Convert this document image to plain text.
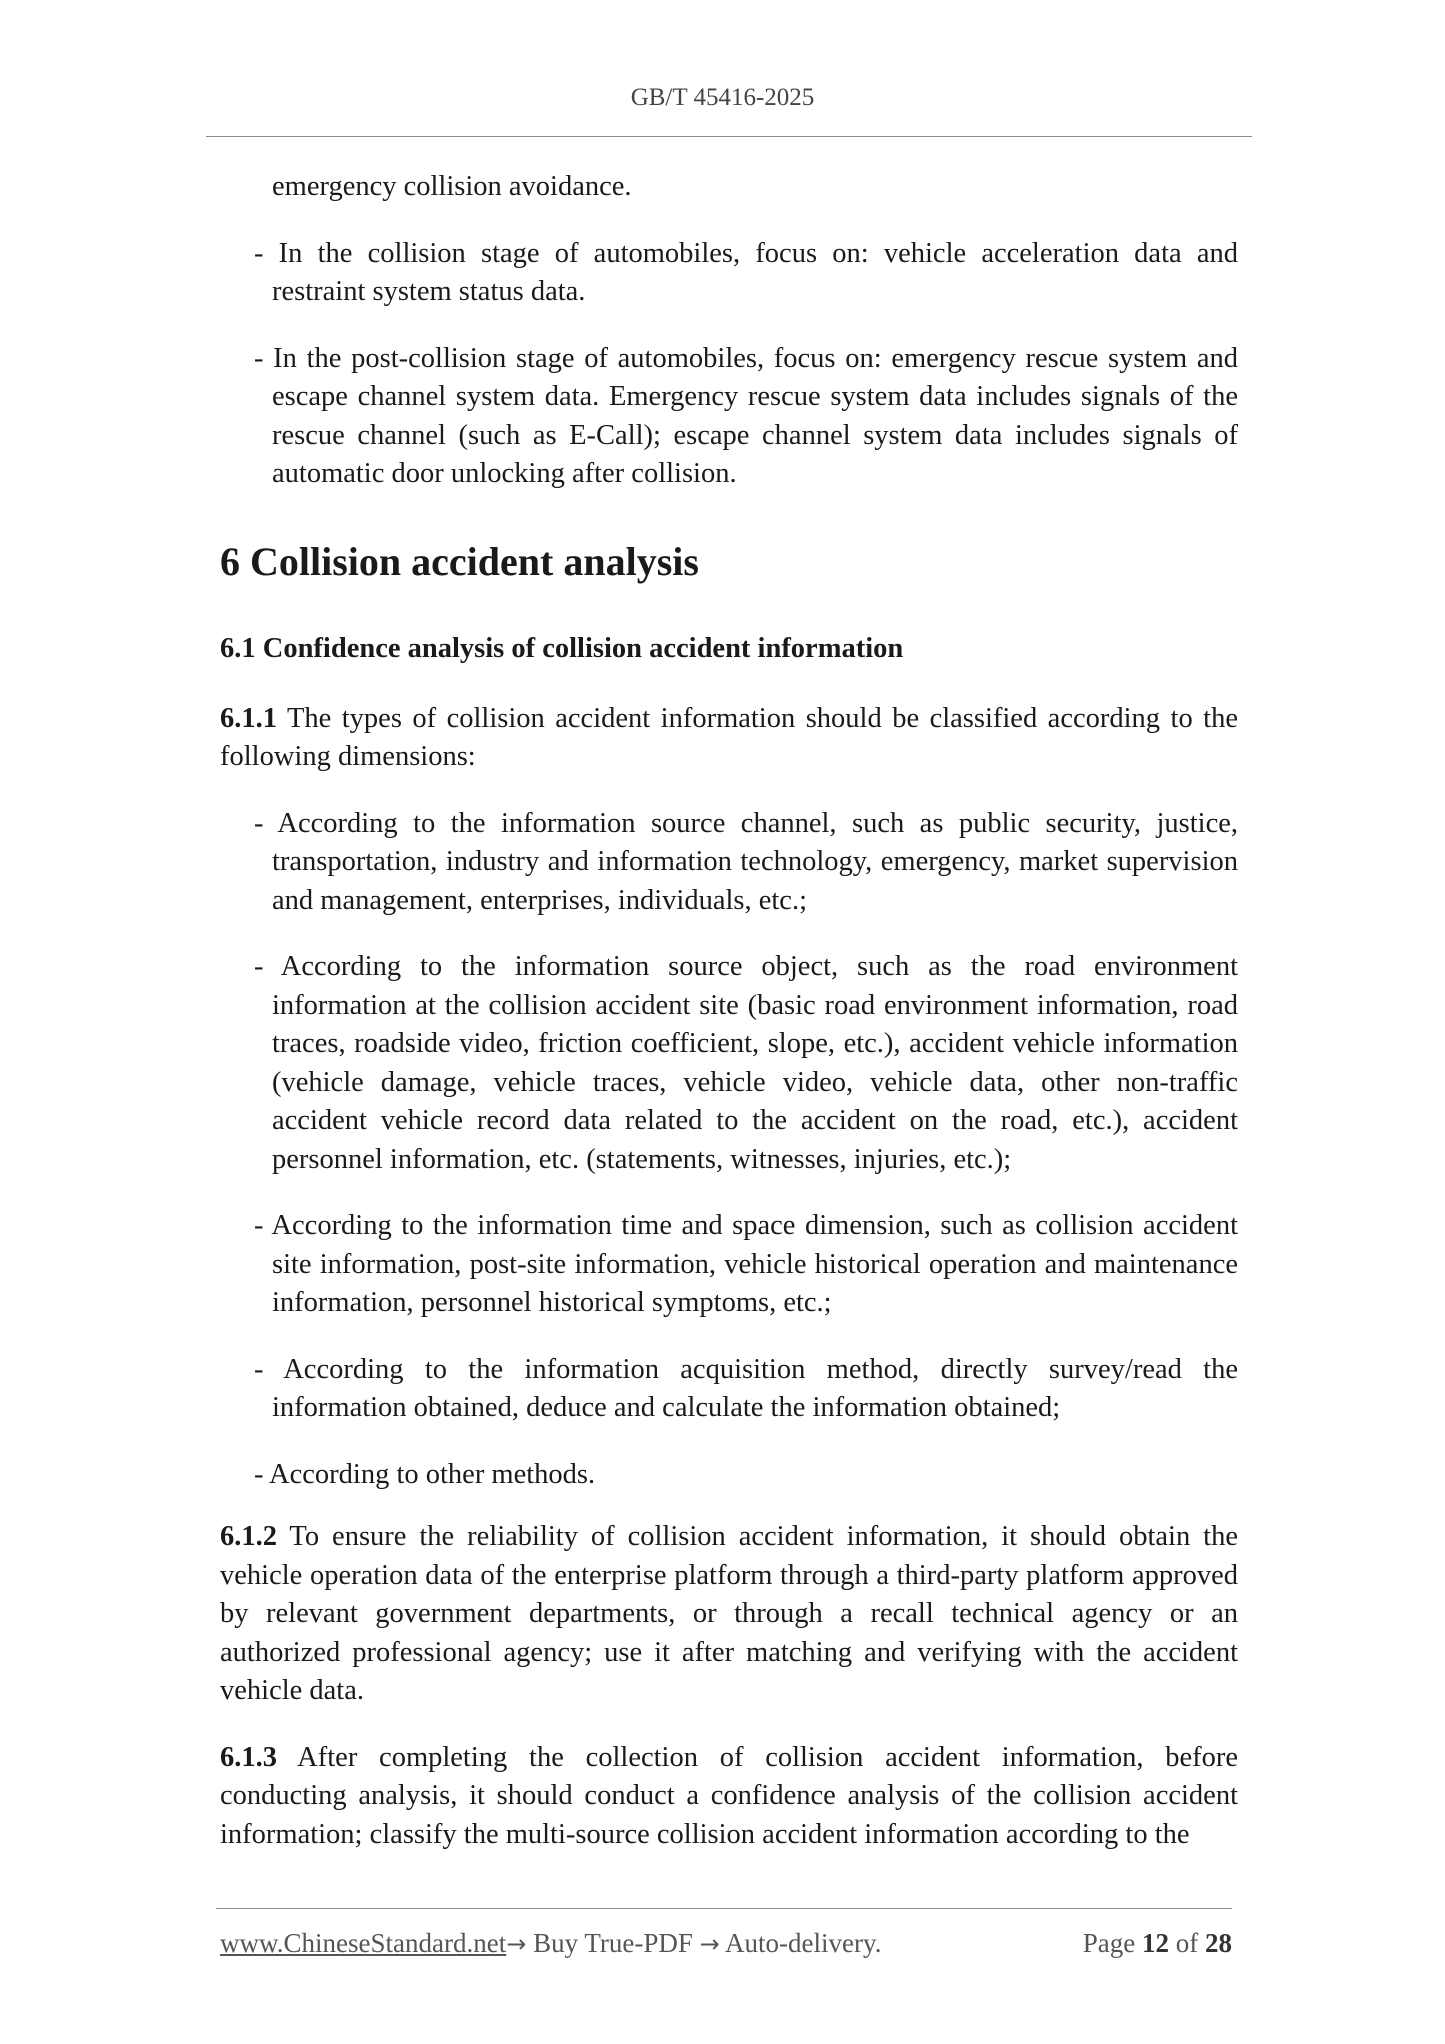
GB/T 45416-2025

emergency collision avoidance.

- In the collision stage of automobiles, focus on: vehicle acceleration data and restraint system status data.

- In the post-collision stage of automobiles, focus on: emergency rescue system and escape channel system data. Emergency rescue system data includes signals of the rescue channel (such as E-Call); escape channel system data includes signals of automatic door unlocking after collision.

6 Collision accident analysis
6.1 Confidence analysis of collision accident information

6.1.1 The types of collision accident information should be classified according to the following dimensions:

- According to the information source channel, such as public security, justice, transportation, industry and information technology, emergency, market supervision and management, enterprises, individuals, etc.;

- According to the information source object, such as the road environment information at the collision accident site (basic road environment information, road traces, roadside video, friction coefficient, slope, etc.), accident vehicle information (vehicle damage, vehicle traces, vehicle video, vehicle data, other non-traffic accident vehicle record data related to the accident on the road, etc.), accident personnel information, etc. (statements, witnesses, injuries, etc.);

- According to the information time and space dimension, such as collision accident site information, post-site information, vehicle historical operation and maintenance information, personnel historical symptoms, etc.;

- According to the information acquisition method, directly survey/read the information obtained, deduce and calculate the information obtained;

- According to other methods.

6.1.2 To ensure the reliability of collision accident information, it should obtain the vehicle operation data of the enterprise platform through a third-party platform approved by relevant government departments, or through a recall technical agency or an authorized professional agency; use it after matching and verifying with the accident vehicle data.

6.1.3 After completing the collection of collision accident information, before conducting analysis, it should conduct a confidence analysis of the collision accident information; classify the multi-source collision accident information according to the

www.ChineseStandard.net→ Buy True-PDF → Auto-delivery.	Page 12 of 28
